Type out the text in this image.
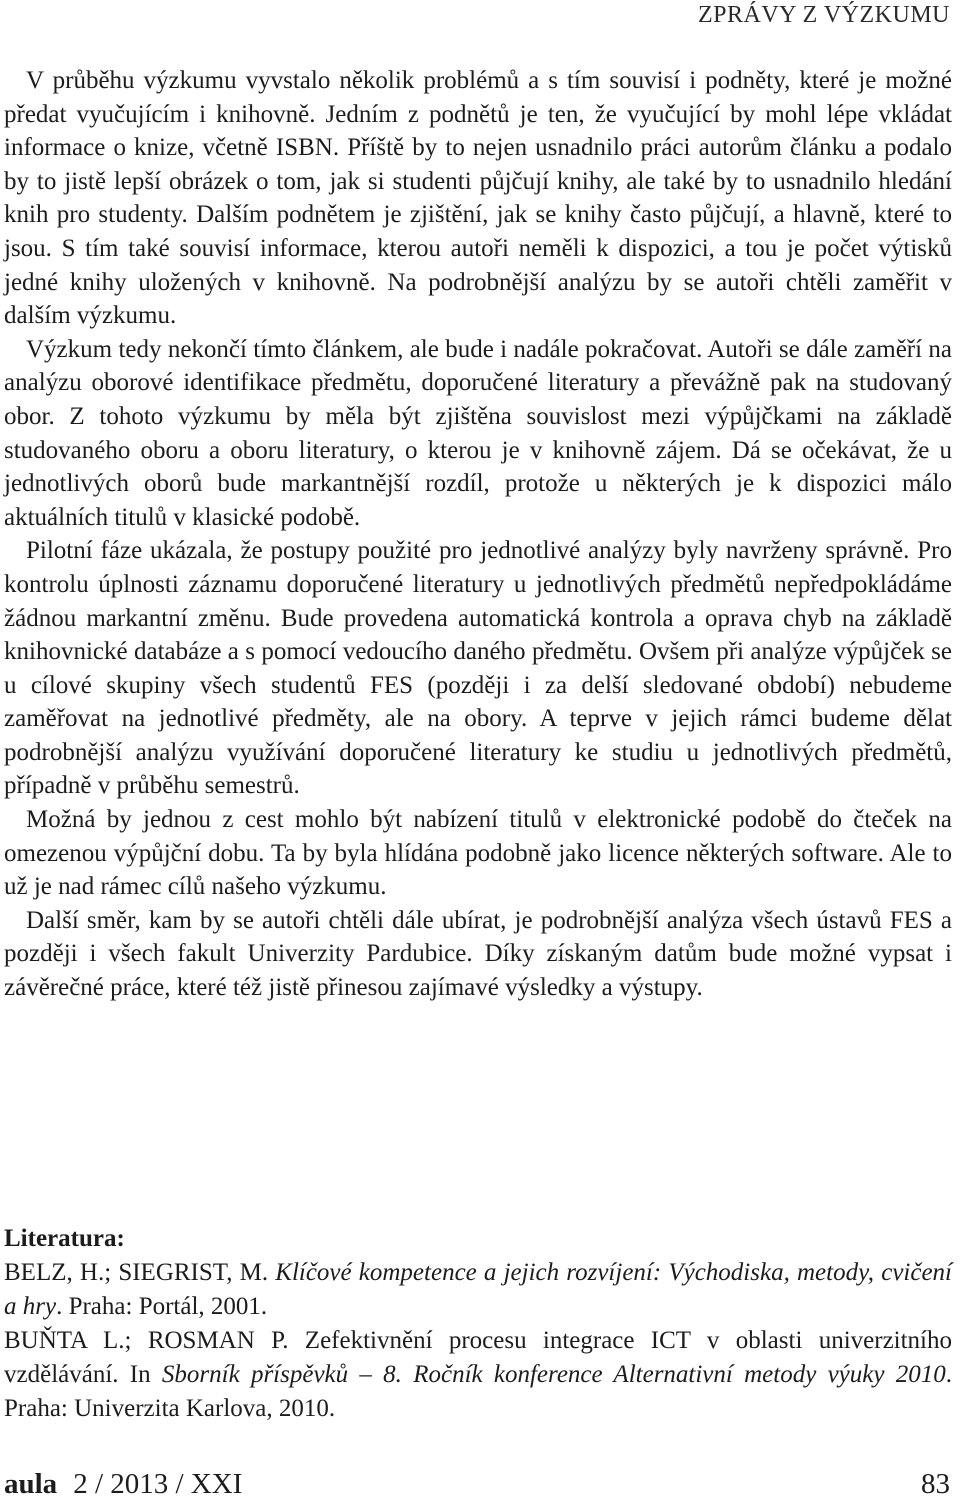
ZPRÁVY Z VÝZKUMU

V průběhu výzkumu vyvstalo několik problémů a s tím souvisí i podněty, které je možné předat vyučujícím i knihovně. Jedním z podnětů je ten, že vyučující by mohl lépe vkládat informace o knize, včetně ISBN. Příště by to nejen usnadnilo práci autorům článku a podalo by to jistě lepší obrázek o tom, jak si studenti půjčují knihy, ale také by to usnadnilo hledání knih pro studenty. Dalším podnětem je zjištění, jak se knihy často půjčují, a hlavně, které to jsou. S tím také souvisí informace, kterou autoři neměli k dispozici, a tou je počet výtisků jedné knihy uložených v knihovně. Na podrobnější analýzu by se autoři chtěli zaměřit v dalším výzkumu.

Výzkum tedy nekončí tímto článkem, ale bude i nadále pokračovat. Autoři se dále zaměří na analýzu oborové identifikace předmětu, doporučené literatury a převážně pak na studovaný obor. Z tohoto výzkumu by měla být zjištěna souvislost mezi výpůjčkami na základě studovaného oboru a oboru literatury, o kterou je v knihovně zájem. Dá se očekávat, že u jednotlivých oborů bude markantnější rozdíl, protože u některých je k dispozici málo aktuálních titulů v klasické podobě.

Pilotní fáze ukázala, že postupy použité pro jednotlivé analýzy byly navrženy správně. Pro kontrolu úplnosti záznamu doporučené literatury u jednotlivých předmětů nepředpokládáme žádnou markantní změnu. Bude provedena automatická kontrola a oprava chyb na základě knihovnické databáze a s pomocí vedoucího daného předmětu. Ovšem při analýze výpůjček se u cílové skupiny všech studentů FES (později i za delší sledované období) nebudeme zaměřovat na jednotlivé předměty, ale na obory. A teprve v jejich rámci budeme dělat podrobnější analýzu využívání doporučené literatury ke studiu u jednotlivých předmětů, případně v průběhu semestrů.

Možná by jednou z cest mohlo být nabízení titulů v elektronické podobě do čteček na omezenou výpůjční dobu. Ta by byla hlídána podobně jako licence některých software. Ale to už je nad rámec cílů našeho výzkumu.

Další směr, kam by se autoři chtěli dále ubírat, je podrobnější analýza všech ústavů FES a později i všech fakult Univerzity Pardubice. Díky získaným datům bude možné vypsat i závěrečné práce, které též jistě přinesou zajímavé výsledky a výstupy.

Literatura:

BELZ, H.; SIEGRIST, M. Klíčové kompetence a jejich rozvíjení: Východiska, metody, cvičení a hry. Praha: Portál, 2001.

BUŇTA L.; ROSMAN P. Zefektivnění procesu integrace ICT v oblasti univerzitního vzdělávání. In Sborník příspěvků – 8. Ročník konference Alternativní metody výuky 2010. Praha: Univerzita Karlova, 2010.

aula 2 / 2013 / XXI	83
